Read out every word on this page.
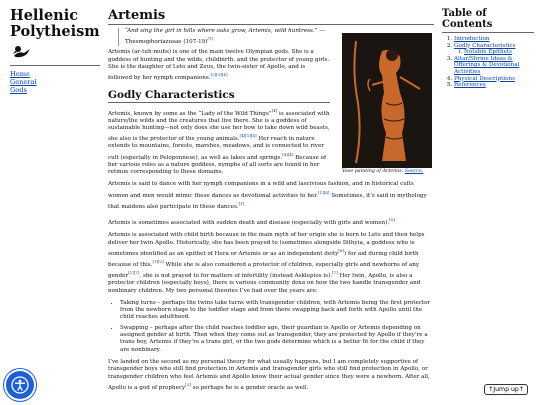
Hellenic
Polytheism
Home
General
Gods
Artemis
Vase painting of Artemis. Source.
“And sing the girl in hills where oaks grow, Artemis, wild huntress.” — Thesmophoriazusae (107-19)[1]

Artemis (ar-tuh-muhs) is one of the main twelve Olympian gods. She is a goddess of hunting and the wilds, childbirth, and the protector of young girls. She is the daughter of Leto and Zeus, the twin-sister of Apollo, and is followed by her nymph companions.[2][3][4]

Godly Characteristics

Artemis, known by some as the “Lady of the Wild Things”[4] is associated with nature/the wilds and the creatures that live there. She is a goddess of sustainable hunting—not only does she use her bow to take down wild beasts, she also is the protector of the young animals.[4][1][4] Her reach in nature extends to mountains, forests, marshes, meadows, and is connected to river cult (especially in Peloponnese), as well as lakes and springs.[4][4] Because of her various roles as a nature goddess, nymphs of all sorts are found in her retinue corresponding to these domains.

Artemis is said to dance with her nymph companions in a wild and lascivious fashion, and in historical cults women and men would mimic these dances as devotional activities to her.[1][4] Sometimes, it’s said in mythology that maidens also participate in these dances.[1]

Artemis is sometimes associated with sudden death and disease (especially with girls and women).[5]

Artemis is associated with child birth because in the main myth of her origin she is born to Leto and then helps deliver her twin Apollo. Historically, she has been prayed to (sometimes alongside Ilithyia, a goddess who is sometimes identified as an epithet of Hera or Artemis or as an independent deity[6]) for aid during child birth because of this.[1][2] While she is also considered a protector of children, especially girls and newborns of any gender[1][7], she is not prayed to for matters of infertility (instead Asklepios is).[7] Her twin, Apollo, is also a protector children (especially boys), there is various community doxa on how the two handle transgender and nonbinary children. My two personal theories I’ve had over the years are:

• Taking turns – perhaps the twins take turns with transgender children, with Artemis being the first protector from the newborn stage to the toddler stage and from there swapping back and forth with Apollo until the child reaches adulthood.
• Swapping – perhaps after the child reaches toddler age, their guardian is Apollo or Artemis depending on assigned gender at birth. Then when they come out as transgender, they are protected by Apollo if they’re a trans boy, Artemis if they’re a trans girl, or the two gods determine which is a better fit for the child if they are nonbinary.

I’ve landed on the second as my personal theory for what usually happens, but I am completely supportive of transgender boys who still find protection in Artemis and transgender girls who still find protection in Apollo, or transgender children who feel Artemis and Apollo know their actual gender since they were a newborn. After all, Apollo is a god of prophecy[3] so perhaps he is a gender oracle as well.

Table of Contents
1. Introduction
2. Godly Characteristics
i. Notable Epithets
3. Altar/Shrine Ideas & Offerings & Devotional Activities
4. Physical Descriptions
5. References
↑Jump up↑
